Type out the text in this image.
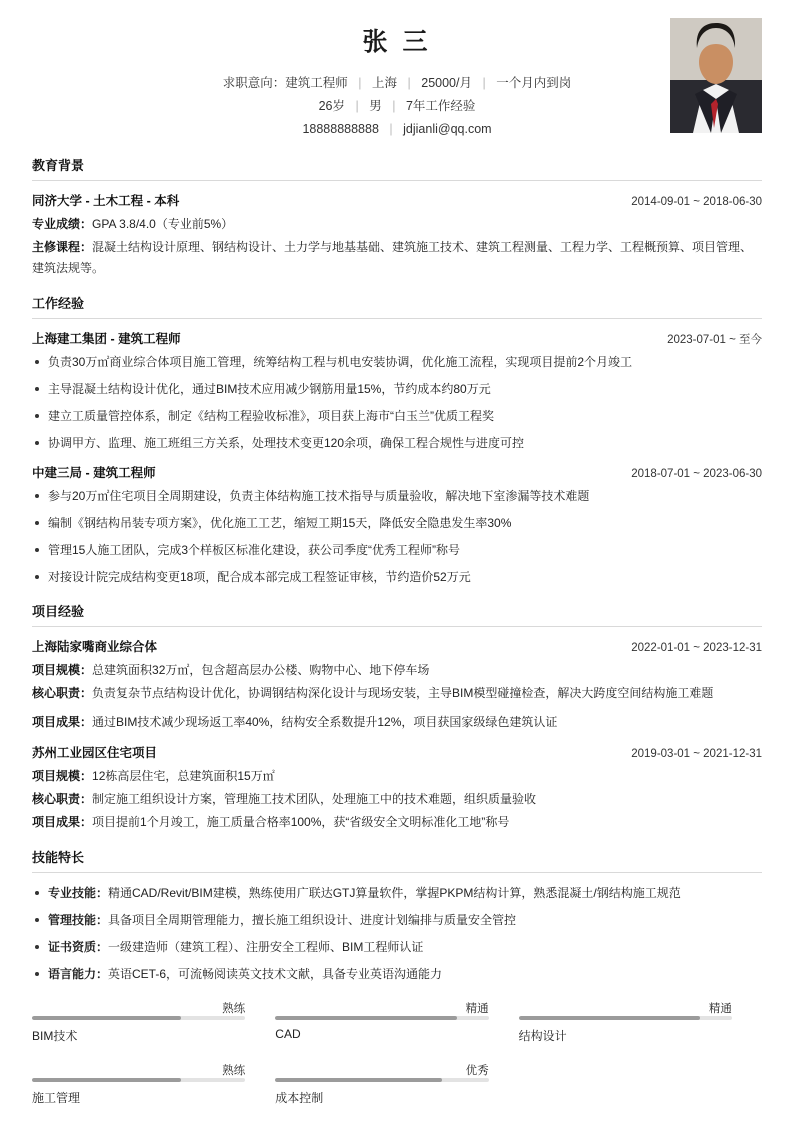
张 三
求职意向：建筑工程师 | 上海 | 25000/月 | 一个月内到岗
26岁 | 男 | 7年工作经验
18888888888 | jdjianli@qq.com
教育背景
同济大学 - 土木工程 - 本科	2014-09-01 ~ 2018-06-30
专业成绩：GPA 3.8/4.0（专业前5%）
主修课程：混凝土结构设计原理、钢结构设计、土力学与地基基础、建筑施工技术、建筑工程测量、工程力学、工程概预算、项目管理、建筑法规等。
工作经验
上海建工集团 - 建筑工程师	2023-07-01 ~ 至今
负责30万㎡商业综合体项目施工管理，统筹结构工程与机电安装协调，优化施工流程，实现项目提前2个月竣工
主导混凝土结构设计优化，通过BIM技术应用减少钢筋用量15%，节约成本约80万元
建立工质量管控体系，制定《结构工程验收标准》，项目获上海市“白玉兰”优质工程奖
协调甲方、监理、施工班组三方关系，处理技术变更120余项，确保工程合规性与进度可控
中建三局 - 建筑工程师	2018-07-01 ~ 2023-06-30
参与20万㎡住宅项目全周期建设，负责主体结构施工技术指导与质量验收，解决地下室渗漏等技术难题
编制《钢结构吊装专项方案》，优化施工工艺，缩短工期15天，降低安全隐患发生率30%
管理15人施工团队，完成3个样板区标准化建设，获公司季度“优秀工程师”称号
对接设计院完成结构变更18项，配合成本部完成工程签证审核，节约造价52万元
项目经验
上海陆家嘴商业综合体	2022-01-01 ~ 2023-12-31
项目规模：总建筑面积32万㎡，包含超高层办公楼、购物中心、地下停车场
核心职责：负责复杂节点结构设计优化，协调钢结构深化设计与现场安装，主导BIM模型碰撞检查，解决大跨度空间结构施工难题
项目成果：通过BIM技术减少现场返工率40%，结构安全系数提升12%，项目获国家级绿色建筑认证
苏州工业园区住宅项目	2019-03-01 ~ 2021-12-31
项目规模：12栋高层住宅，总建筑面积15万㎡
核心职责：制定施工组织设计方案，管理施工技术团队，处理施工中的技术难题，组织质量验收
项目成果：项目提前1个月竣工，施工质量合格率100%，获“省级安全文明标准化工地”称号
技能特长
专业技能：精通CAD/Revit/BIM建模，熟练使用广联达GTJ算量软件，掌握PKPM结构计算，熟悉混凝土/钢结构施工规范
管理技能：具备项目全周期管理能力，擅长施工组织设计、进度计划编排与质量安全管控
证书资质：一级建造师（建筑工程）、注册安全工程师、BIM工程师认证
语言能力：英语CET-6，可流畅阅读英文技术文献，具备专业英语沟通能力
熟练
BIM技术
精通
CAD
精通
结构设计
熟练
施工管理
优秀
成本控制
